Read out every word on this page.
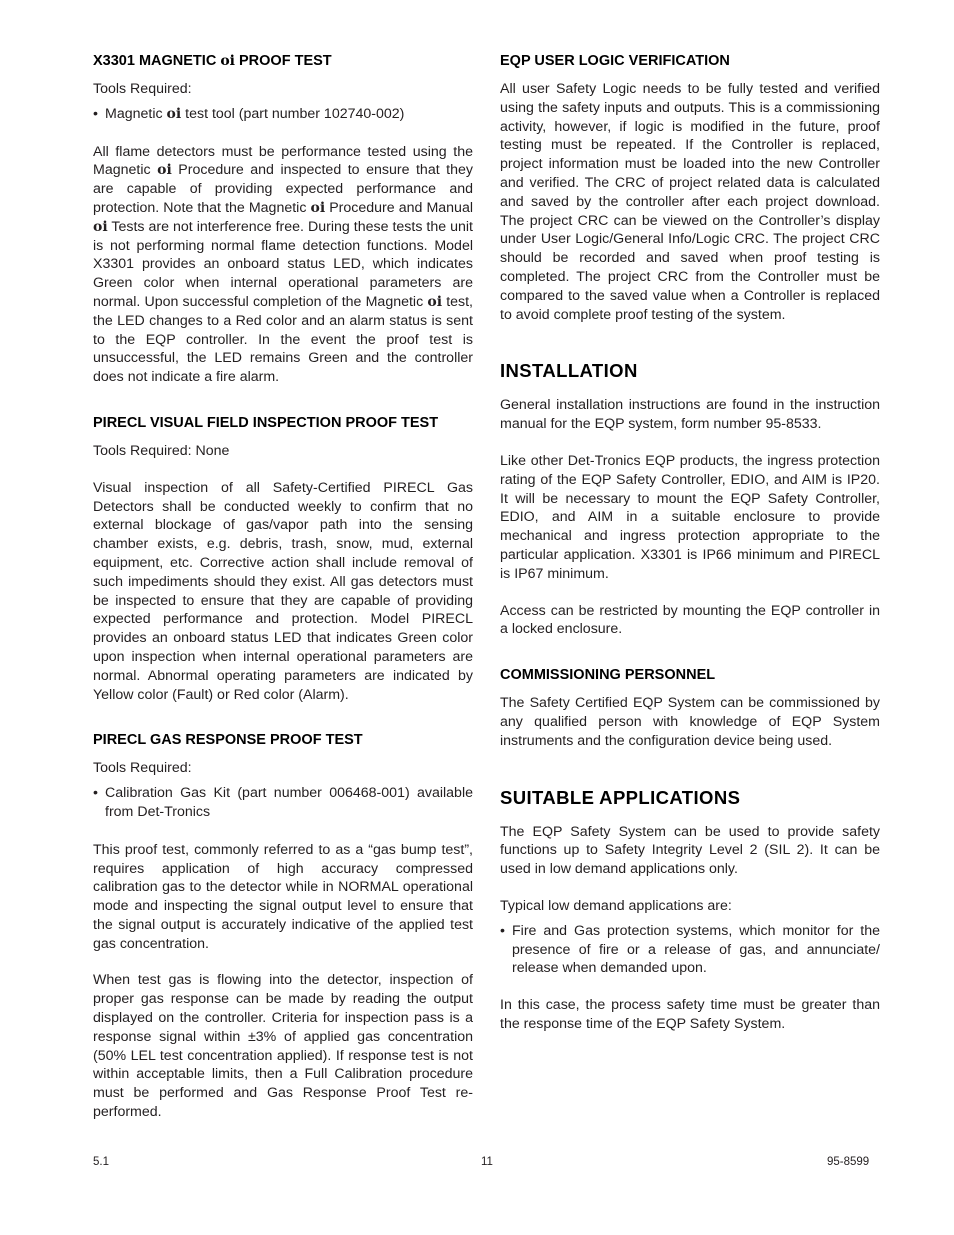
X3301 MAGNETIC oi PROOF TEST

Tools Required:

• Magnetic oi test tool (part number 102740-002)

All flame detectors must be performance tested using the Magnetic oi Procedure and inspected to ensure that they are capable of providing expected performance and protection. Note that the Magnetic oi Procedure and Manual oi Tests are not interference free. During these tests the unit is not performing normal flame detection functions. Model X3301 provides an onboard status LED, which indicates Green color when internal operational parameters are normal. Upon successful completion of the Magnetic oi test, the LED changes to a Red color and an alarm status is sent to the EQP controller. In the event the proof test is unsuccessful, the LED remains Green and the controller does not indicate a fire alarm.

PIRECL VISUAL FIELD INSPECTION PROOF TEST

Tools Required: None

Visual inspection of all Safety-Certified PIRECL Gas Detectors shall be conducted weekly to confirm that no external blockage of gas/vapor path into the sensing chamber exists, e.g. debris, trash, snow, mud, external equipment, etc. Corrective action shall include removal of such impediments should they exist. All gas detectors must be inspected to ensure that they are capable of providing expected performance and protection. Model PIRECL provides an onboard status LED that indicates Green color upon inspection when internal operational parameters are normal. Abnormal operating parameters are indicated by Yellow color (Fault) or Red color (Alarm).

PIRECL GAS RESPONSE PROOF TEST

Tools Required:

• Calibration Gas Kit (part number 006468-001) available from Det-Tronics

This proof test, commonly referred to as a “gas bump test”, requires application of high accuracy compressed calibration gas to the detector while in NORMAL operational mode and inspecting the signal output level to ensure that the signal output is accurately indicative of the applied test gas concentration.

When test gas is flowing into the detector, inspection of proper gas response can be made by reading the output displayed on the controller. Criteria for inspection pass is a response signal within ±3% of applied gas concentration (50% LEL test concentration applied). If response test is not within acceptable limits, then a Full Calibration procedure must be performed and Gas Response Proof Test re-performed.

EQP USER LOGIC VERIFICATION

All user Safety Logic needs to be fully tested and verified using the safety inputs and outputs. This is a commissioning activity, however, if logic is modified in the future, proof testing must be repeated. If the Controller is replaced, project information must be loaded into the new Controller and verified. The CRC of project related data is calculated and saved by the controller after each project download. The project CRC can be viewed on the Controller’s display under User Logic/General Info/Logic CRC. The project CRC should be recorded and saved when proof testing is completed. The project CRC from the Controller must be compared to the saved value when a Controller is replaced to avoid complete proof testing of the system.

INSTALLATION

General installation instructions are found in the instruction manual for the EQP system, form number 95-8533.

Like other Det-Tronics EQP products, the ingress protection rating of the EQP Safety Controller, EDIO, and AIM is IP20. It will be necessary to mount the EQP Safety Controller, EDIO, and AIM in a suitable enclosure to provide mechanical and ingress protection appropriate to the particular application. X3301 is IP66 minimum and PIRECL is IP67 minimum.

Access can be restricted by mounting the EQP controller in a locked enclosure.

COMMISSIONING PERSONNEL

The Safety Certified EQP System can be commissioned by any qualified person with knowledge of EQP System instruments and the configuration device being used.

SUITABLE APPLICATIONS

The EQP Safety System can be used to provide safety functions up to Safety Integrity Level 2 (SIL 2). It can be used in low demand applications only.

Typical low demand applications are:

• Fire and Gas protection systems, which monitor for the presence of fire or a release of gas, and annunciate/ release when demanded upon.

In this case, the process safety time must be greater than the response time of the EQP Safety System.

5.1	11	95-8599
